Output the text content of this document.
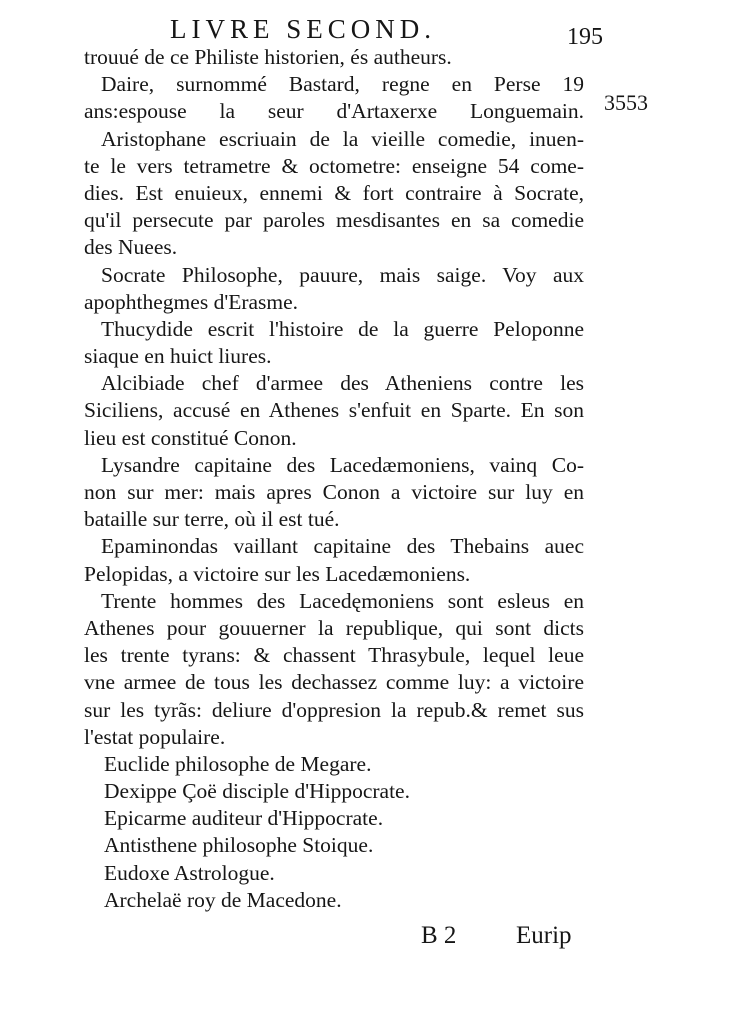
LIVRE SECOND.	195
3553
trouué de ce Philiste historien, és autheurs.
Daire, surnommé Bastard, regne en Perse 19
ans:espouse la seur d'Artaxerxe Longuemain.
Aristophane escriuain de la vieille comedie, inuen-
te le vers tetrametre & octometre: enseigne 54 come-
dies. Est enuieux, ennemi & fort contraire à Socrate,
qu'il persecute par paroles mesdisantes en sa comedie
des Nuees.
Socrate Philosophe, pauure, mais saige. Voy aux
apophthegmes d'Erasme.
Thucydide escrit l'histoire de la guerre Peloponne
siaque en huict liures.
Alcibiade chef d'armee des Atheniens contre les
Siciliens, accusé en Athenes s'enfuit en Sparte. En son
lieu est constitué Conon.
Lysandre capitaine des Lacedæmoniens, vainq Co-
non sur mer: mais apres Conon a victoire sur luy en
bataille sur terre, où il est tué.
Epaminondas vaillant capitaine des Thebains auec
Pelopidas, a victoire sur les Lacedæmoniens.
Trente hommes des Lacedęmoniens sont esleus en
Athenes pour gouuerner la republique, qui sont dicts
les trente tyrans: & chassent Thrasybule, lequel leue
vne armee de tous les dechassez comme luy: a victoire
sur les tyrãs: deliure d'oppresion la repub.& remet sus
l'estat populaire.
Euclide philosophe de Megare.
Dexippe Çoë disciple d'Hippocrate.
Epicarme auditeur d'Hippocrate.
Antisthene philosophe Stoique.
Eudoxe Astrologue.
Archelaë roy de Macedone.
B 2 Eurip
